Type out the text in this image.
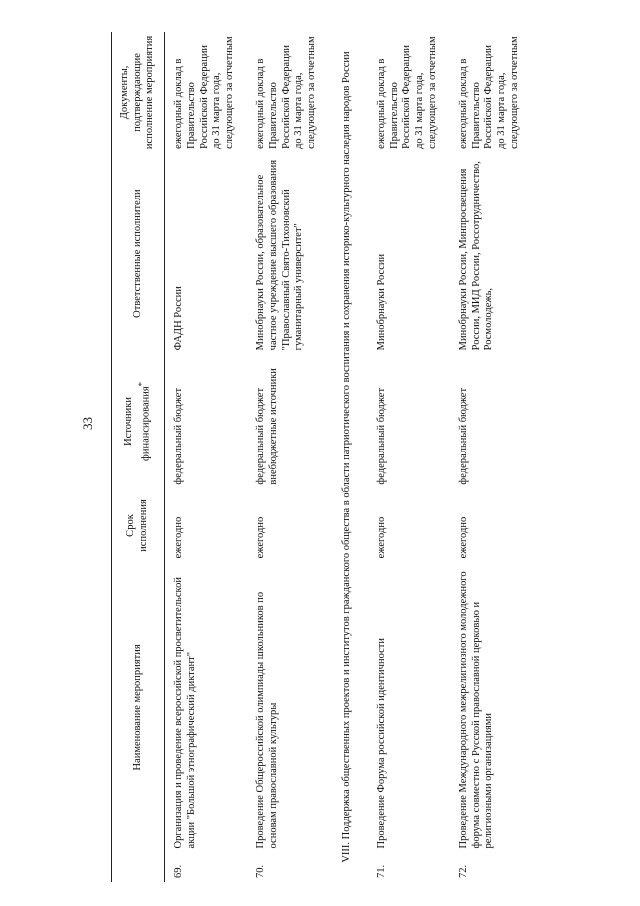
33
	Наименование мероприятия	Срок исполнения	Источники финансирования*	Ответственные исполнители	Документы, подтверждающие исполнение мероприятия
69.	Организация и проведение всероссийской просветительской акции "Большой этнографический диктант"	ежегодно	федеральный бюджет	ФАДН России	ежегодный доклад в Правительство Российской Федерации до 31 марта года, следующего за отчетным
70.	Проведение Общероссийской олимпиады школьников по основам православной культуры	ежегодно	федеральный бюджет внебюджетные источники	Минобрнауки России, образовательное частное учреждение высшего образования "Православный Свято-Тихоновский гуманитарный университет"	ежегодный доклад в Правительство Российской Федерации до 31 марта года, следующего за отчетным
VIII. Поддержка общественных проектов и институтов гражданского общества в области патриотического воспитания и сохранения историко-культурного наследия народов России					
71.	Проведение Форума российской идентичности	ежегодно	федеральный бюджет	Минобрнауки России	ежегодный доклад в Правительство Российской Федерации до 31 марта года, следующего за отчетным
72.	Проведение Международного межрелигиозного молодежного форума совместно с Русской православной церковью и религиозными организациями	ежегодно	федеральный бюджет	Минобрнауки России, Минпросвещения России, МИД России, Россотрудничество, Росмолодежь,	ежегодный доклад в Правительство Российской Федерации до 31 марта года, следующего за отчетным
